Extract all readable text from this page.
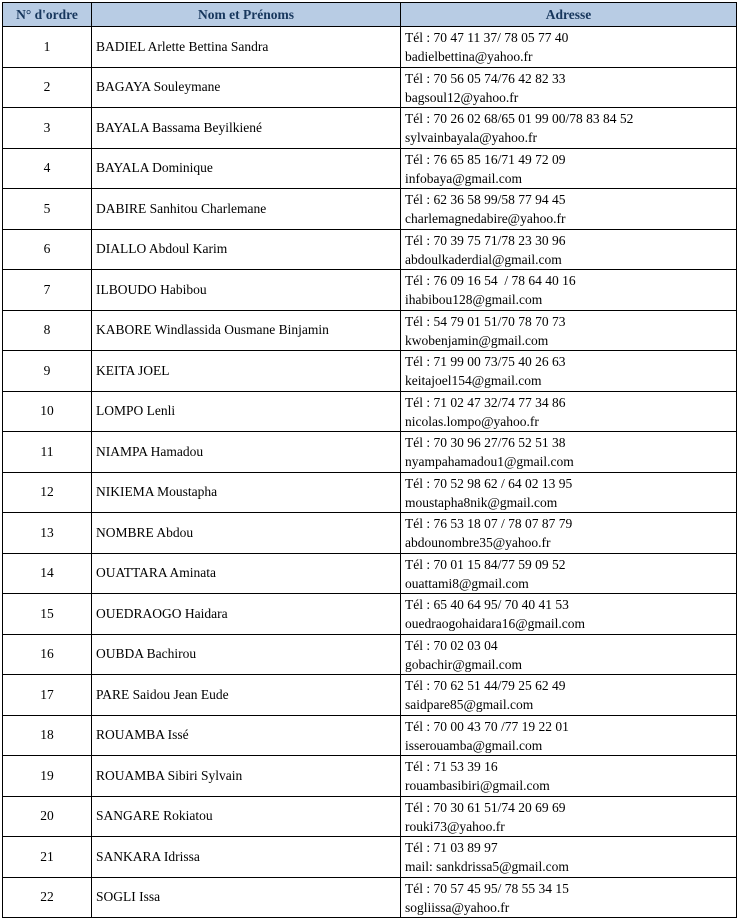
N° d'ordre	Nom et Prénoms	Adresse
1	BADIEL Arlette Bettina Sandra	Tél : 70 47 11 37/ 78 05 77 40
badielbettina@yahoo.fr

2	BAGAYA Souleymane	Tél : 70 56 05 74/76 42 82 33
bagsoul12@yahoo.fr

3	BAYALA Bassama Beyilkiené	Tél : 70 26 02 68/65 01 99 00/78 83 84 52
sylvainbayala@yahoo.fr

4	BAYALA Dominique	Tél : 76 65 85 16/71 49 72 09
infobaya@gmail.com

5	DABIRE Sanhitou Charlemane	Tél : 62 36 58 99/58 77 94 45
charlemagnedabire@yahoo.fr

6	DIALLO Abdoul Karim	Tél : 70 39 75 71/78 23 30 96
abdoulkaderdial@gmail.com

7	ILBOUDO Habibou	Tél : 76 09 16 54  / 78 64 40 16
ihabibou128@gmail.com

8	KABORE Windlassida Ousmane Binjamin	Tél : 54 79 01 51/70 78 70 73
kwobenjamin@gmail.com

9	KEITA JOEL	Tél : 71 99 00 73/75 40 26 63
keitajoel154@gmail.com

10	LOMPO Lenli	Tél : 71 02 47 32/74 77 34 86
nicolas.lompo@yahoo.fr

11	NIAMPA Hamadou	Tél : 70 30 96 27/76 52 51 38
nyampahamadou1@gmail.com

12	NIKIEMA Moustapha	Tél : 70 52 98 62 / 64 02 13 95
moustapha8nik@gmail.com

13	NOMBRE Abdou	Tél : 76 53 18 07 / 78 07 87 79
abdounombre35@yahoo.fr

14	OUATTARA Aminata	Tél : 70 01 15 84/77 59 09 52
ouattami8@gmail.com

15	OUEDRAOGO Haidara	Tél : 65 40 64 95/ 70 40 41 53
ouedraogohaidara16@gmail.com

16	OUBDA Bachirou	Tél : 70 02 03 04
gobachir@gmail.com

17	PARE Saidou Jean Eude	Tél : 70 62 51 44/79 25 62 49
saidpare85@gmail.com

18	ROUAMBA Issé	Tél : 70 00 43 70 /77 19 22 01
isserouamba@gmail.com

19	ROUAMBA Sibiri Sylvain	Tél : 71 53 39 16
rouambasibiri@gmail.com

20	SANGARE Rokiatou	Tél : 70 30 61 51/74 20 69 69
rouki73@yahoo.fr

21	SANKARA Idrissa	Tél : 71 03 89 97
mail: sankdrissa5@gmail.com

22	SOGLI Issa	Tél : 70 57 45 95/ 78 55 34 15
sogliissa@yahoo.fr
